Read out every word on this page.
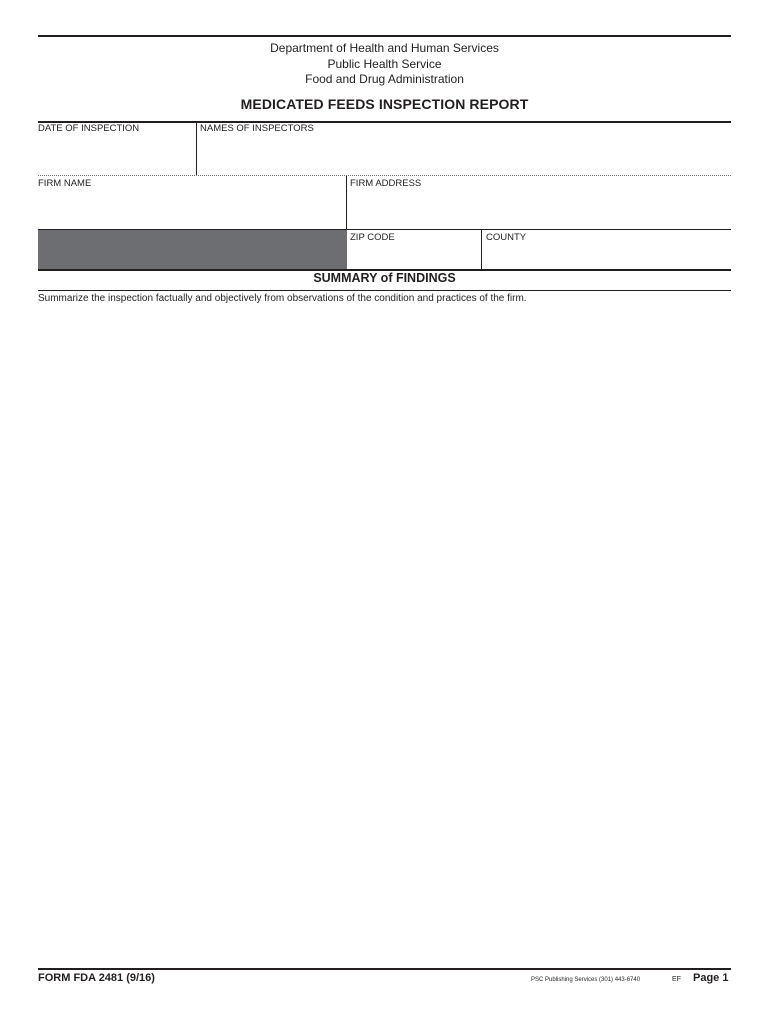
Department of Health and Human Services
Public Health Service
Food and Drug Administration
MEDICATED FEEDS INSPECTION REPORT
DATE OF INSPECTION	NAMES OF INSPECTORS
FIRM NAME	FIRM ADDRESS
ZIP CODE	COUNTY
SUMMARY of FINDINGS
Summarize the inspection factually and objectively from observations of the condition and practices of the firm.
FORM FDA 2481 (9/16)	PSC Publishing Services (301) 443-6740	EF Page 1
